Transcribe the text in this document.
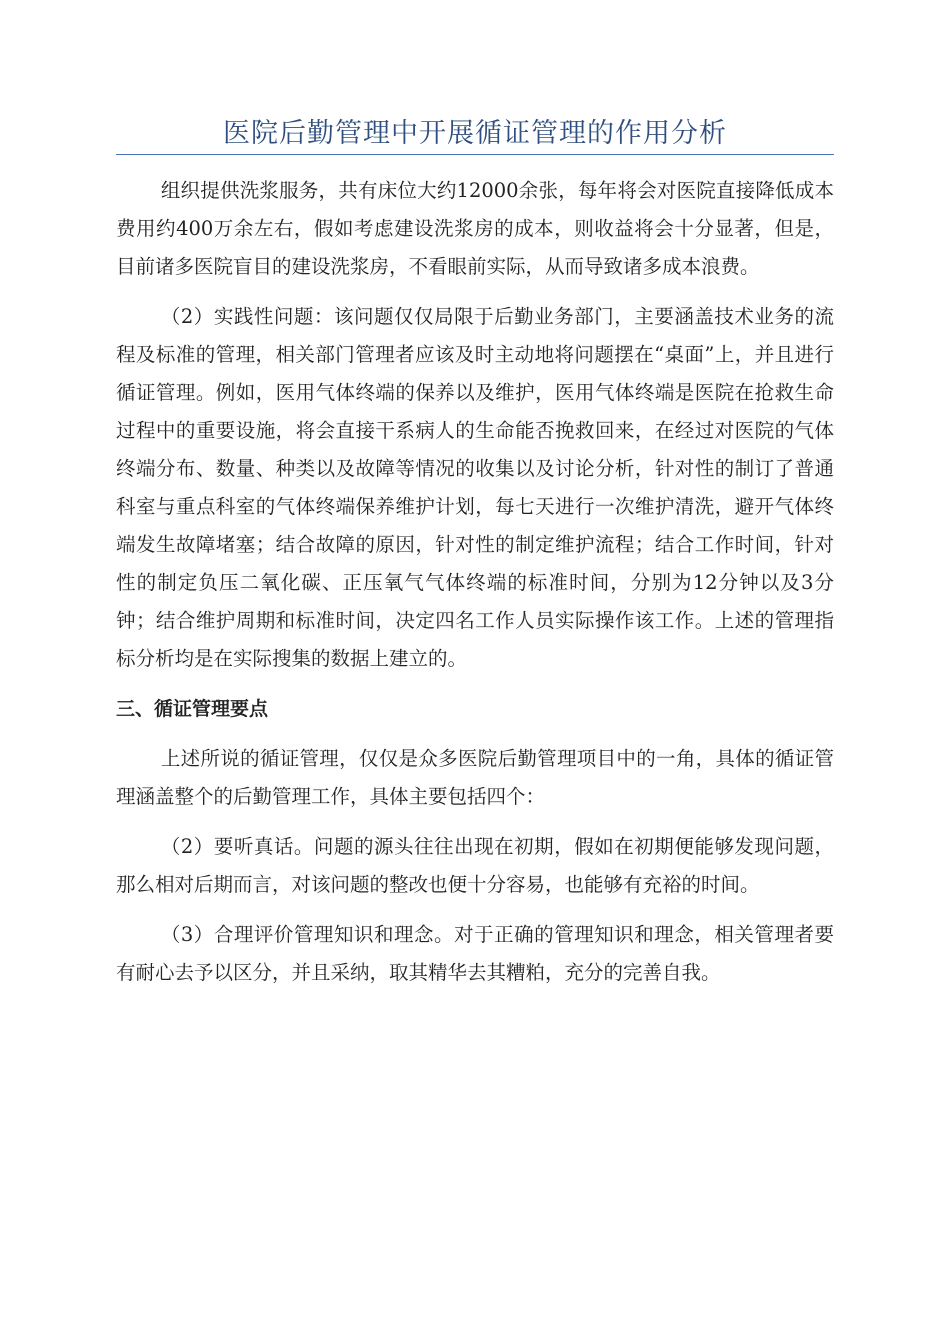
医院后勤管理中开展循证管理的作用分析

组织提供洗浆服务，共有床位大约12000余张，每年将会对医院直接降低成本费用约400万余左右，假如考虑建设洗浆房的成本，则收益将会十分显著，但是，目前诸多医院盲目的建设洗浆房，不看眼前实际，从而导致诸多成本浪费。

（2）实践性问题：该问题仅仅局限于后勤业务部门，主要涵盖技术业务的流程及标准的管理，相关部门管理者应该及时主动地将问题摆在“桌面”上，并且进行循证管理。例如，医用气体终端的保养以及维护，医用气体终端是医院在抢救生命过程中的重要设施，将会直接干系病人的生命能否挽救回来，在经过对医院的气体终端分布、数量、种类以及故障等情况的收集以及讨论分析，针对性的制订了普通科室与重点科室的气体终端保养维护计划，每七天进行一次维护清洗，避开气体终端发生故障堵塞；结合故障的原因，针对性的制定维护流程；结合工作时间，针对性的制定负压二氧化碳、正压氧气气体终端的标准时间，分别为12分钟以及3分钟；结合维护周期和标准时间，决定四名工作人员实际操作该工作。上述的管理指标分析均是在实际搜集的数据上建立的。

三、循证管理要点

上述所说的循证管理，仅仅是众多医院后勤管理项目中的一角，具体的循证管理涵盖整个的后勤管理工作，具体主要包括四个：

（2）要听真话。问题的源头往往出现在初期，假如在初期便能够发现问题，那么相对后期而言，对该问题的整改也便十分容易，也能够有充裕的时间。

（3）合理评价管理知识和理念。对于正确的管理知识和理念，相关管理者要有耐心去予以区分，并且采纳，取其精华去其糟粕，充分的完善自我。
